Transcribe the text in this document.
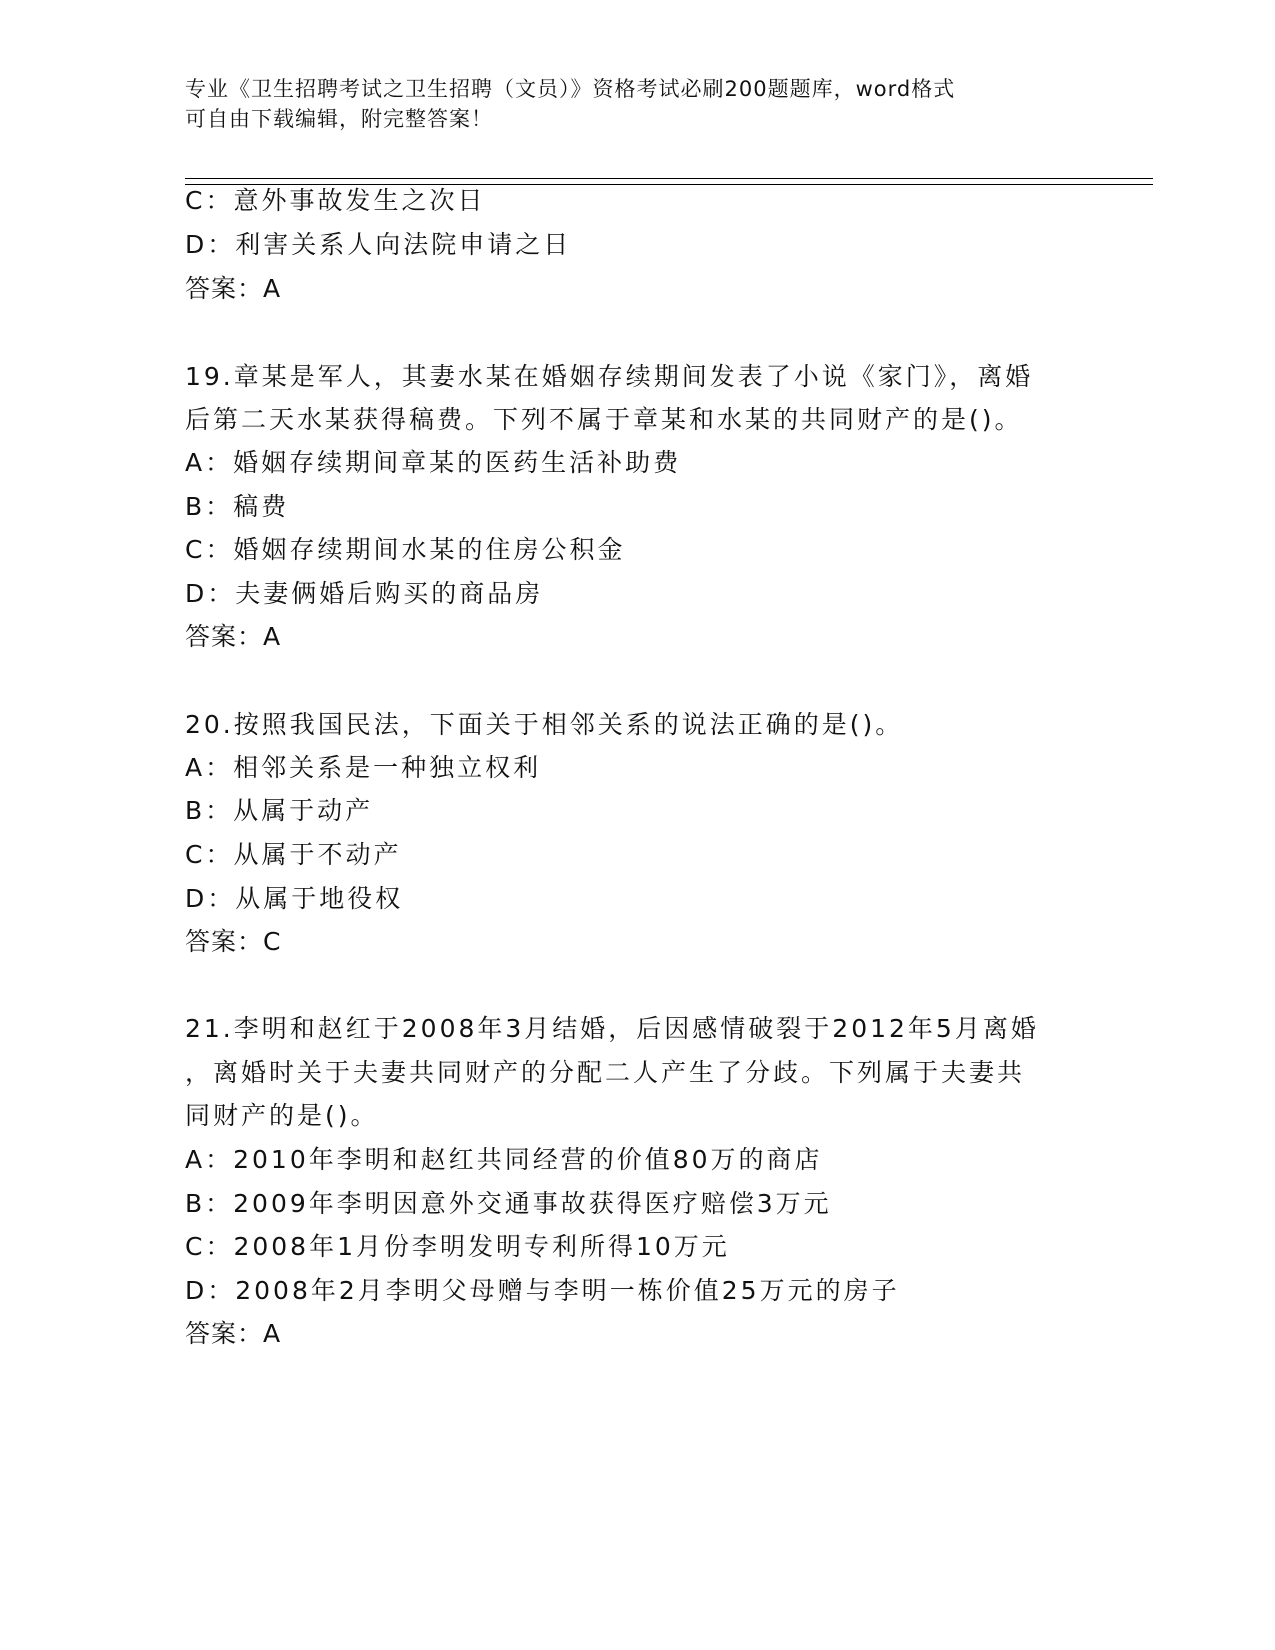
专业《卫生招聘考试之卫生招聘（文员）》资格考试必刷200题题库，word格式
可自由下载编辑，附完整答案！
C：意外事故发生之次日
D：利害关系人向法院申请之日
答案：A
19.章某是军人，其妻水某在婚姻存续期间发表了小说《家门》，离婚
后第二天水某获得稿费。下列不属于章某和水某的共同财产的是()。
A：婚姻存续期间章某的医药生活补助费
B：稿费
C：婚姻存续期间水某的住房公积金
D：夫妻俩婚后购买的商品房
答案：A
20.按照我国民法，下面关于相邻关系的说法正确的是()。
A：相邻关系是一种独立权利
B：从属于动产
C：从属于不动产
D：从属于地役权
答案：C
21.李明和赵红于2008年3月结婚，后因感情破裂于2012年5月离婚
，离婚时关于夫妻共同财产的分配二人产生了分歧。下列属于夫妻共
同财产的是()。
A：2010年李明和赵红共同经营的价值80万的商店
B：2009年李明因意外交通事故获得医疗赔偿3万元
C：2008年1月份李明发明专利所得10万元
D：2008年2月李明父母赠与李明一栋价值25万元的房子
答案：A
